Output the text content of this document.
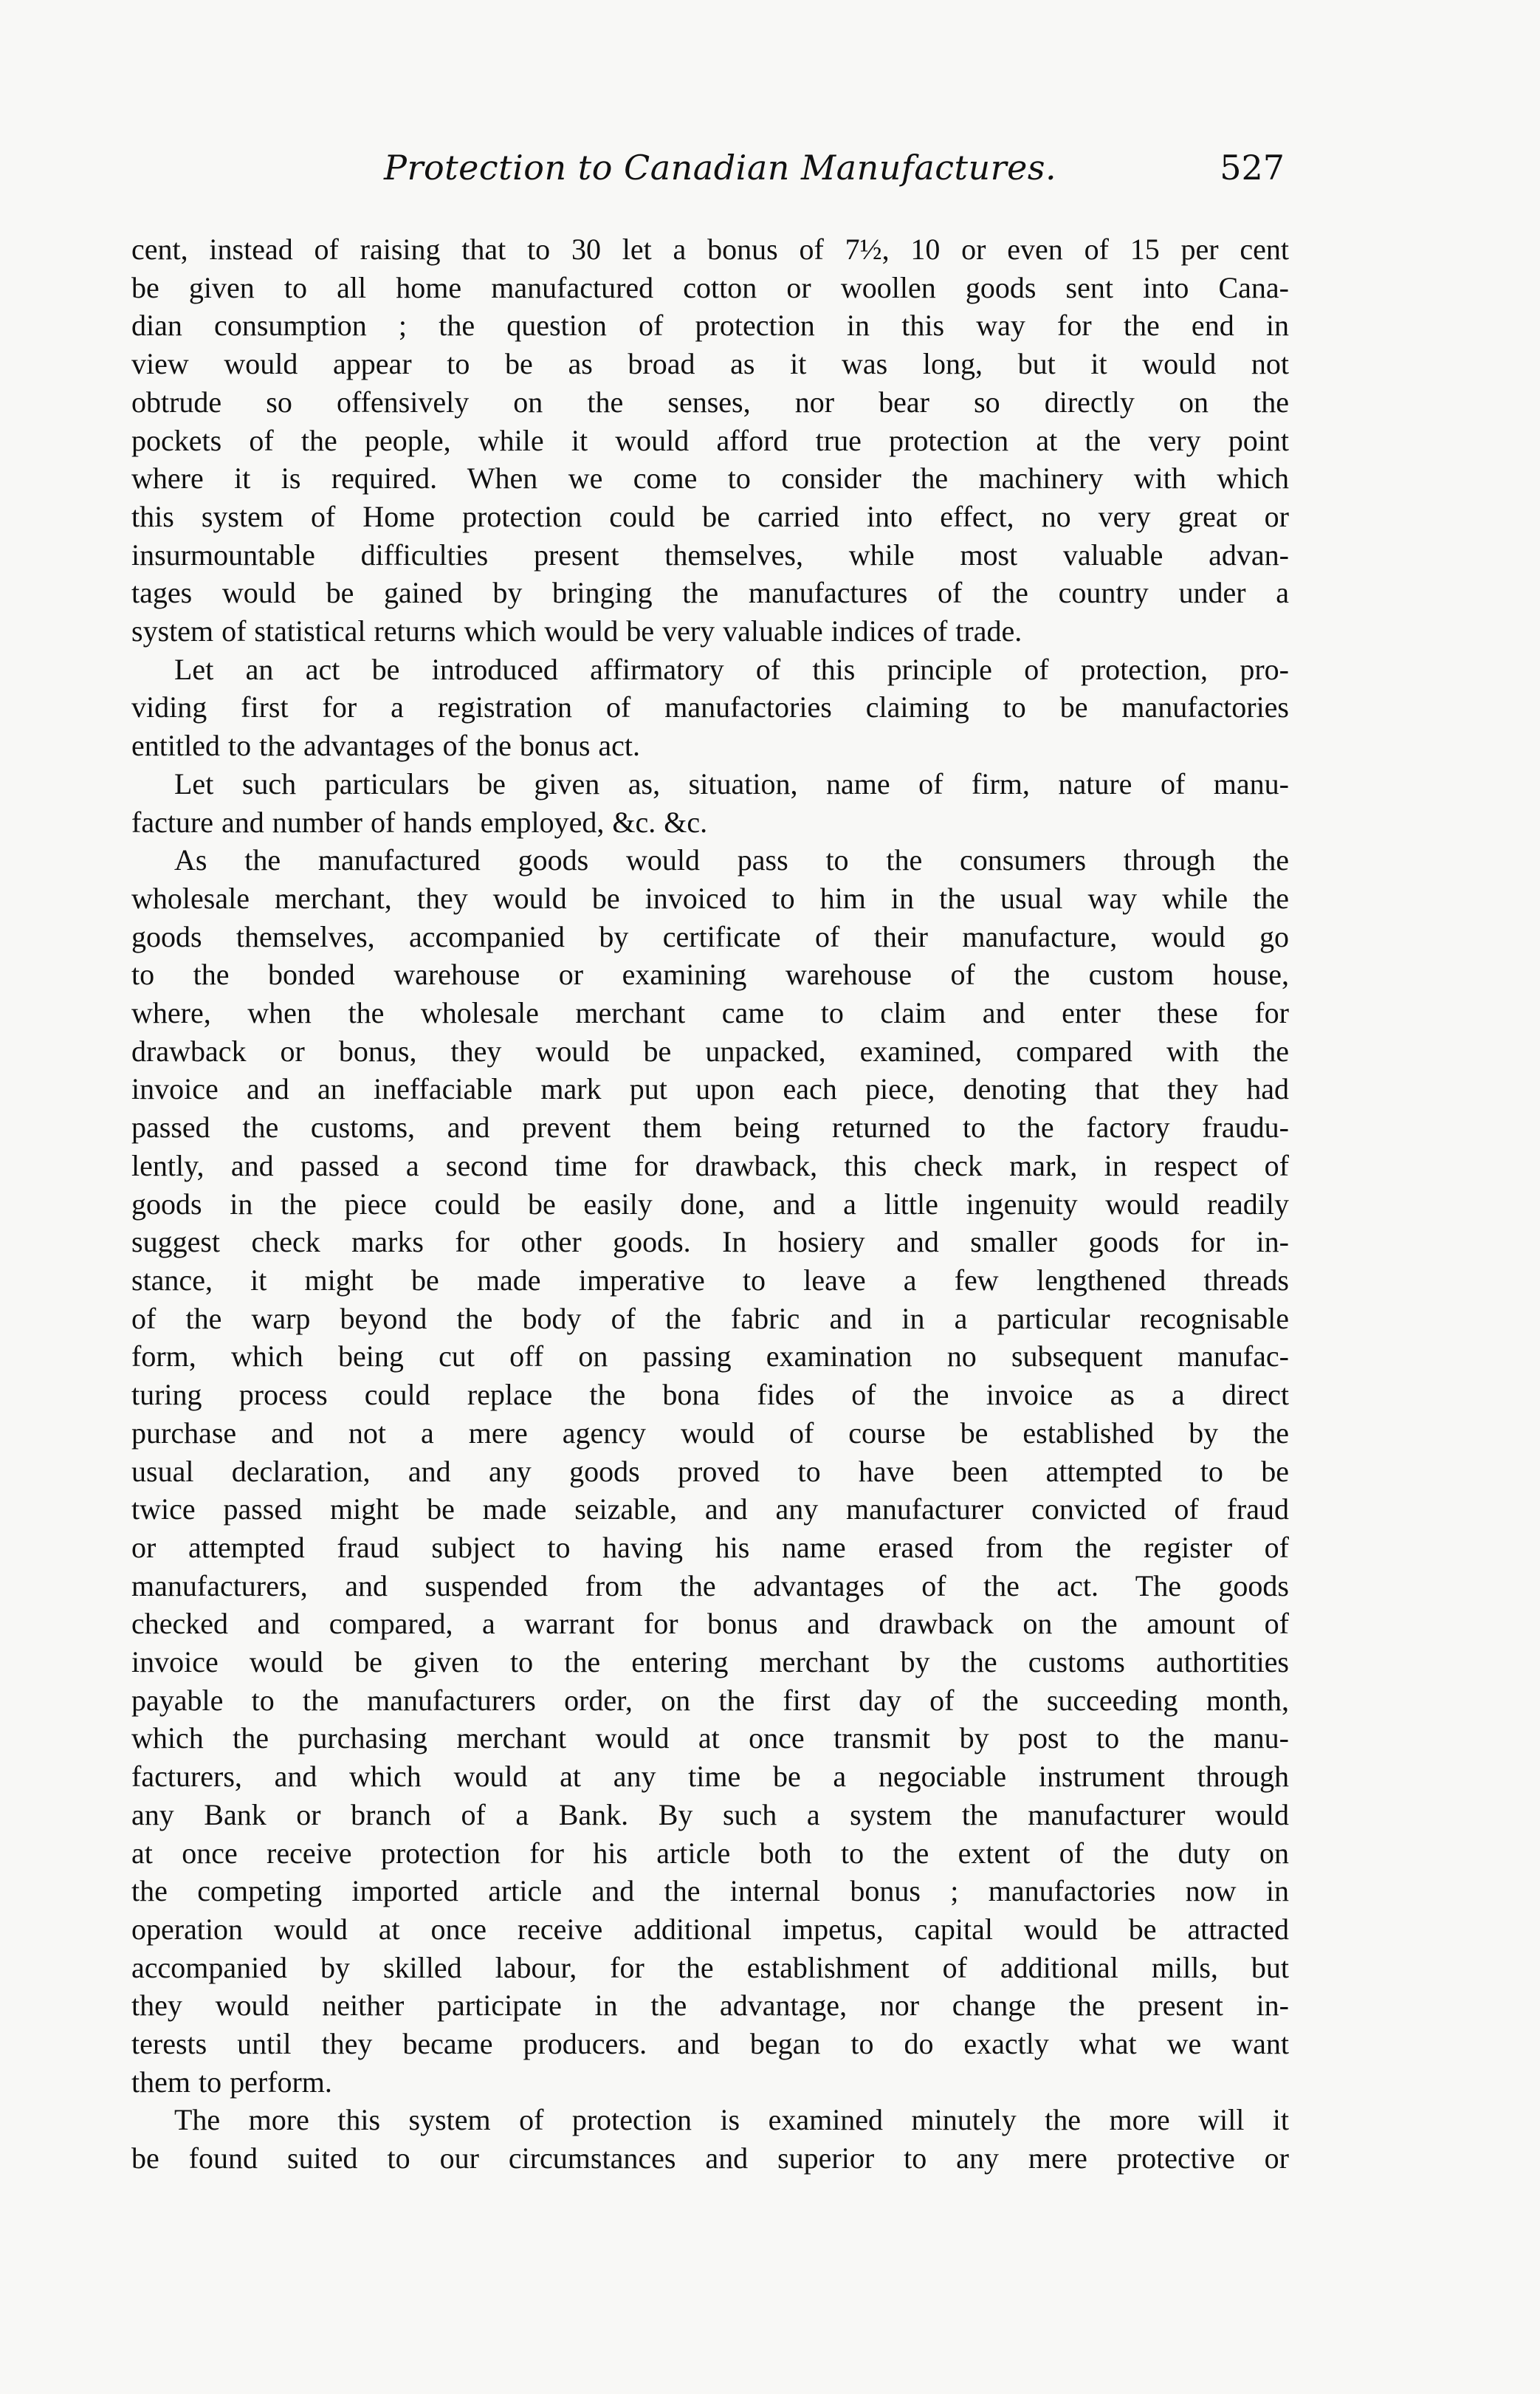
Protection to Canadian Manufactures.	527
cent, instead of raising that to 30 let a bonus of 7½, 10 or even of 15 per cent
be given to all home manufactured cotton or woollen goods sent into Cana-
dian consumption ; the question of protection in this way for the end in
view would appear to be as broad as it was long, but it would not
obtrude so offensively on the senses, nor bear so directly on the
pockets of the people, while it would afford true protection at the very point
where it is required. When we come to consider the machinery with which
this system of Home protection could be carried into effect, no very great or
insurmountable difficulties present themselves, while most valuable advan-
tages would be gained by bringing the manufactures of the country under a
system of statistical returns which would be very valuable indices of trade.
Let an act be introduced affirmatory of this principle of protection, pro-
viding first for a registration of manufactories claiming to be manufactories
entitled to the advantages of the bonus act.
Let such particulars be given as, situation, name of firm, nature of manu-
facture and number of hands employed, &c. &c.
As the manufactured goods would pass to the consumers through the
wholesale merchant, they would be invoiced to him in the usual way while the
goods themselves, accompanied by certificate of their manufacture, would go
to the bonded warehouse or examining warehouse of the custom house,
where, when the wholesale merchant came to claim and enter these for
drawback or bonus, they would be unpacked, examined, compared with the
invoice and an ineffaciable mark put upon each piece, denoting that they had
passed the customs, and prevent them being returned to the factory fraudu-
lently, and passed a second time for drawback, this check mark, in respect of
goods in the piece could be easily done, and a little ingenuity would readily
suggest check marks for other goods. In hosiery and smaller goods for in-
stance, it might be made imperative to leave a few lengthened threads
of the warp beyond the body of the fabric and in a particular recognisable
form, which being cut off on passing examination no subsequent manufac-
turing process could replace the bona fides of the invoice as a direct
purchase and not a mere agency would of course be established by the
usual declaration, and any goods proved to have been attempted to be
twice passed might be made seizable, and any manufacturer convicted of fraud
or attempted fraud subject to having his name erased from the register of
manufacturers, and suspended from the advantages of the act. The goods
checked and compared, a warrant for bonus and drawback on the amount of
invoice would be given to the entering merchant by the customs authortities
payable to the manufacturers order, on the first day of the succeeding month,
which the purchasing merchant would at once transmit by post to the manu-
facturers, and which would at any time be a negociable instrument through
any Bank or branch of a Bank. By such a system the manufacturer would
at once receive protection for his article both to the extent of the duty on
the competing imported article and the internal bonus ; manufactories now in
operation would at once receive additional impetus, capital would be attracted
accompanied by skilled labour, for the establishment of additional mills, but
they would neither participate in the advantage, nor change the present in-
terests until they became producers. and began to do exactly what we want
them to perform.
The more this system of protection is examined minutely the more will it
be found suited to our circumstances and superior to any mere protective or
